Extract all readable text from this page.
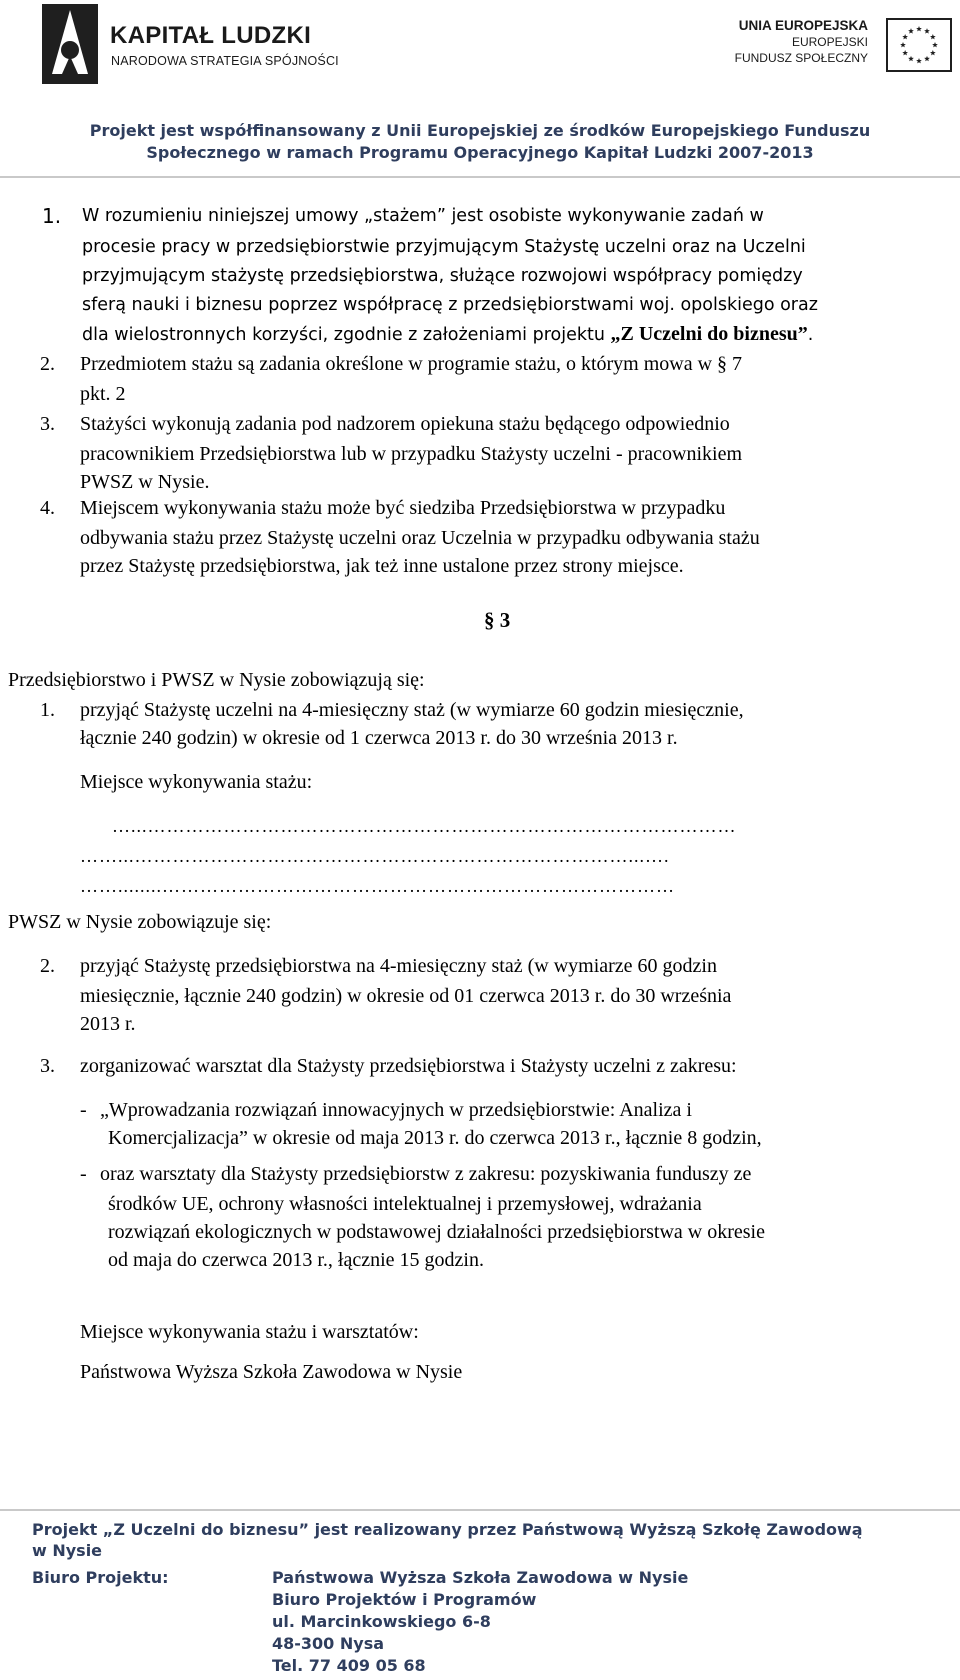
KAPITAŁ LUDZKI
NARODOWA STRATEGIA SPÓJNOŚCI
UNIA EUROPEJSKA
EUROPEJSKI
FUNDUSZ SPOŁECZNY
Projekt jest współfinansowany z Unii Europejskiej ze środków Europejskiego Funduszu
Społecznego w ramach Programu Operacyjnego Kapitał Ludzki 2007-2013
1. W rozumieniu niniejszej umowy „stażem” jest osobiste wykonywanie zadań w
procesie pracy w przedsiębiorstwie przyjmującym Stażystę uczelni oraz na Uczelni
przyjmującym stażystę przedsiębiorstwa, służące rozwojowi współpracy pomiędzy
sferą nauki i biznesu poprzez współpracę z przedsiębiorstwami woj. opolskiego oraz
dla wielostronnych korzyści, zgodnie z założeniami projektu „Z Uczelni do biznesu”.
2. Przedmiotem stażu są zadania określone w programie stażu, o którym mowa w § 7
pkt. 2
3. Stażyści wykonują zadania pod nadzorem opiekuna stażu będącego odpowiednio
pracownikiem Przedsiębiorstwa lub w przypadku Stażysty uczelni - pracownikiem
PWSZ w Nysie.
4. Miejscem wykonywania stażu może być siedziba Przedsiębiorstwa w przypadku
odbywania stażu przez Stażystę uczelni oraz Uczelnia w przypadku odbywania stażu
przez Stażystę przedsiębiorstwa, jak też inne ustalone przez strony miejsce.
§ 3
Przedsiębiorstwo i PWSZ w Nysie zobowiązują się:
1. przyjąć Stażystę uczelni na 4-miesięczny staż (w wymiarze 60 godzin miesięcznie,
łącznie 240 godzin) w okresie od 1 czerwca 2013 r. do 30 września 2013 r.
Miejsce wykonywania stażu:
…...…………………………………………………………………………………
……...……………………………………………………………………...….
……........………………………………………………………………………
PWSZ w Nysie zobowiązuje się:
2. przyjąć Stażystę przedsiębiorstwa na 4-miesięczny staż (w wymiarze 60 godzin
miesięcznie, łącznie 240 godzin) w okresie od 01 czerwca 2013 r. do 30 września
2013 r.
3. zorganizować warsztat dla Stażysty przedsiębiorstwa i Stażysty uczelni z zakresu:
- „Wprowadzania rozwiązań innowacyjnych w przedsiębiorstwie: Analiza i
Komercjalizacja” w okresie od maja 2013 r. do czerwca 2013 r., łącznie 8 godzin,
- oraz warsztaty dla Stażysty przedsiębiorstw z zakresu: pozyskiwania funduszy ze
środków UE, ochrony własności intelektualnej i przemysłowej, wdrażania
rozwiązań ekologicznych w podstawowej działalności przedsiębiorstwa w okresie
od maja do czerwca 2013 r., łącznie 15 godzin.
Miejsce wykonywania stażu i warsztatów:
Państwowa Wyższa Szkoła Zawodowa w Nysie
Projekt „Z Uczelni do biznesu” jest realizowany przez Państwową Wyższą Szkołę Zawodową
w Nysie
Biuro Projektu:	Państwowa Wyższa Szkoła Zawodowa w Nysie
Biuro Projektów i Programów
ul. Marcinkowskiego 6-8
48-300 Nysa
Tel. 77 409 05 68
